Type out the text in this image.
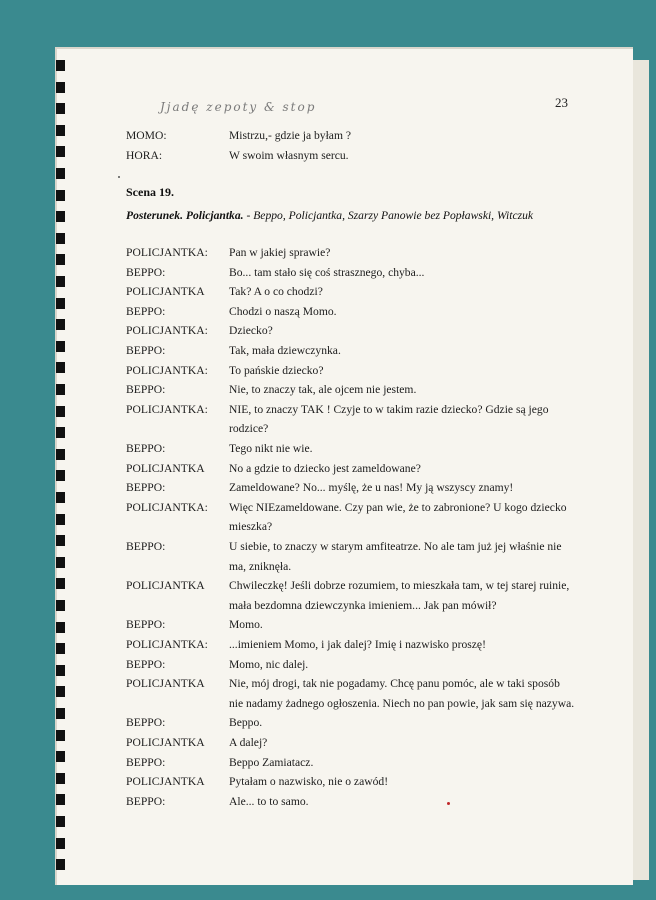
23
Jjadę zepoty & stop
MOMO:	Mistrzu,- gdzie ja byłam ?
HORA:	W swoim własnym sercu.
Scena 19.
Posterunek. Policjantka. - Beppo, Policjantka, Szarzy Panowie bez Popławski, Witczuk
POLICJANTKA: Pan w jakiej sprawie?
BEPPO:	Bo... tam stało się coś strasznego, chyba...
POLICJANTKA Tak? A o co chodzi?
BEPPO:	Chodzi o naszą Momo.
POLICJANTKA: Dziecko?
BEPPO:	Tak, mała dziewczynka.
POLICJANTKA: To pańskie dziecko?
BEPPO:	Nie, to znaczy tak, ale ojcem nie jestem.
POLICJANTKA: NIE, to znaczy TAK ! Czyje to w takim razie dziecko? Gdzie są jego
rodzice?
BEPPO:	Tego nikt nie wie.
POLICJANTKA No a gdzie to dziecko jest zameldowane?
BEPPO:	Zameldowane? No... myślę, że u nas! My ją wszyscy znamy!
POLICJANTKA: Więc NIEzameldowane. Czy pan wie, że to zabronione? U kogo dziecko
mieszka?
BEPPO:	U siebie, to znaczy w starym amfiteatrze. No ale tam już jej właśnie nie
ma, zniknęła.
POLICJANTKA Chwileczkę! Jeśli dobrze rozumiem, to mieszkała tam, w tej starej ruinie,
mała bezdomna dziewczynka imieniem... Jak pan mówił?
BEPPO:	Momo.
POLICJANTKA: ...imieniem Momo, i jak dalej? Imię i nazwisko proszę!
BEPPO:	Momo, nic dalej.
POLICJANTKA Nie, mój drogi, tak nie pogadamy. Chcę panu pomóc, ale w taki sposób
nie nadamy żadnego ogłoszenia. Niech no pan powie, jak sam się nazywa.
BEPPO:	Beppo.
POLICJANTKA A dalej?
BEPPO:	Beppo Zamiatacz.
POLICJANTKA Pytałam o nazwisko, nie o zawód!
BEPPO:	Ale... to to samo.
